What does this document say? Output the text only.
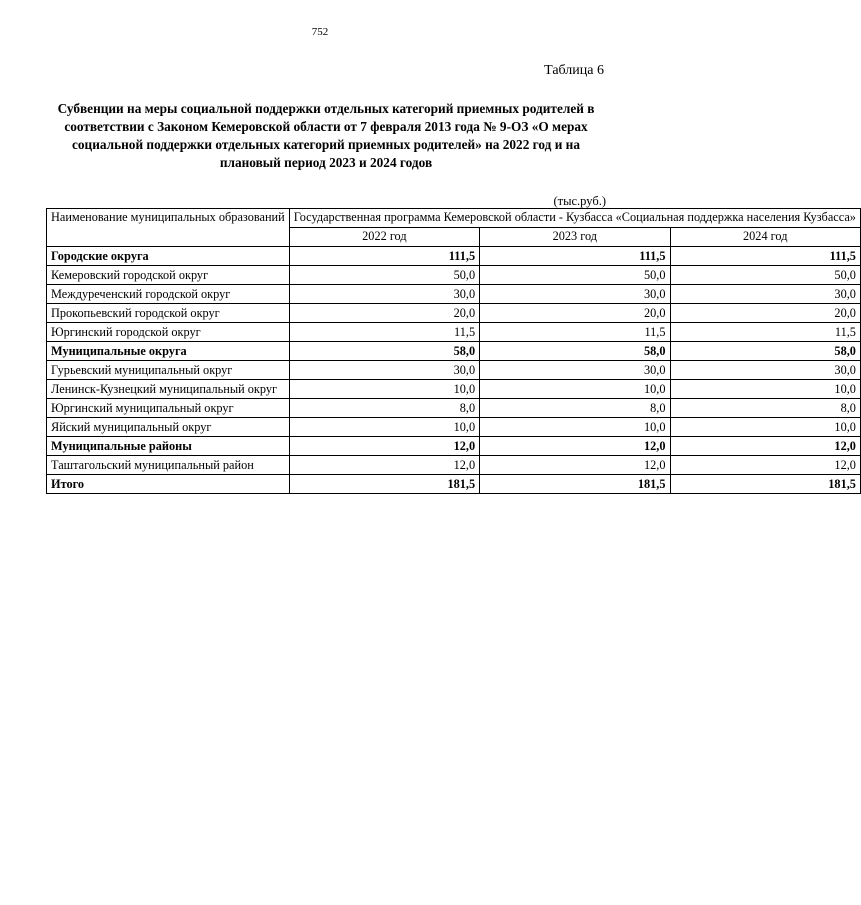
752
Таблица 6
Субвенции на меры социальной поддержки отдельных категорий приемных родителей в соответствии с Законом Кемеровской области от 7 февраля 2013 года № 9-ОЗ «О мерах социальной поддержки отдельных категорий приемных родителей» на 2022 год и на плановый период 2023 и 2024 годов
(тыс.руб.)
Наименование муниципальных образований	Государственная программа Кемеровской области - Кузбасса «Социальная поддержка населения Кузбасса»		
	2022 год	2023 год	2024 год
Городские округа	111,5	111,5	111,5
Кемеровский городской округ	50,0	50,0	50,0
Междуреченский городской округ	30,0	30,0	30,0
Прокопьевский городской округ	20,0	20,0	20,0
Юргинский городской округ	11,5	11,5	11,5
Муниципальные округа	58,0	58,0	58,0
Гурьевский муниципальный округ	30,0	30,0	30,0
Ленинск-Кузнецкий муниципальный округ	10,0	10,0	10,0
Юргинский муниципальный округ	8,0	8,0	8,0
Яйский муниципальный округ	10,0	10,0	10,0
Муниципальные районы	12,0	12,0	12,0
Таштагольский муниципальный район	12,0	12,0	12,0
Итого	181,5	181,5	181,5
